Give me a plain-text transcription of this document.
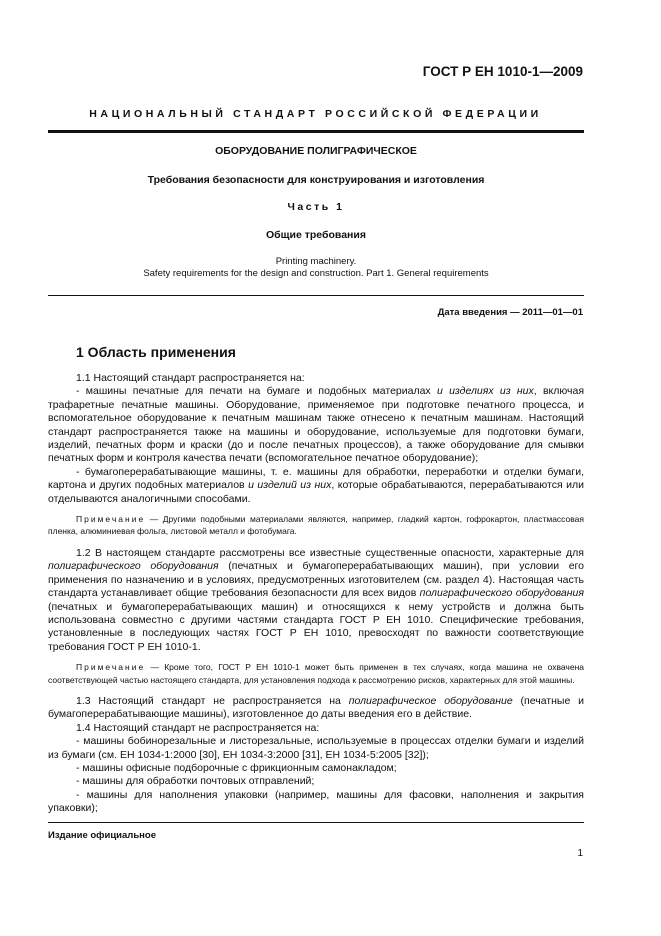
ГОСТ Р ЕН 1010-1—2009
НАЦИОНАЛЬНЫЙ СТАНДАРТ РОССИЙСКОЙ ФЕДЕРАЦИИ
ОБОРУДОВАНИЕ ПОЛИГРАФИЧЕСКОЕ
Требования безопасности для конструирования и изготовления
Часть 1
Общие требования
Printing machinery.
Safety requirements for the design and construction. Part 1. General requirements
Дата введения — 2011—01—01
1 Область применения

1.1 Настоящий стандарт распространяется на:

- машины печатные для печати на бумаге и подобных материалах и изделиях из них, включая трафаретные печатные машины. Оборудование, применяемое при подготовке печатного процесса, и вспомогательное оборудование к печатным машинам также отнесено к печатным машинам. Настоящий стандарт распространяется также на машины и оборудование, используемые для подготовки бумаги, изделий, печатных форм и краски (до и после печатных процессов), а также оборудование для смывки печатных форм и контроля качества печати (вспомогательное печатное оборудование);

- бумагоперерабатывающие машины, т. е. машины для обработки, переработки и отделки бумаги, картона и других подобных материалов и изделий из них, которые обрабатываются, перерабатываются или отделываются аналогичными способами.

Примечание — Другими подобными материалами являются, например, гладкий картон, гофрокартон, пластмассовая пленка, алюминиевая фольга, листовой металл и фотобумага.

1.2 В настоящем стандарте рассмотрены все известные существенные опасности, характерные для полиграфического оборудования (печатных и бумагоперерабатывающих машин), при условии его применения по назначению и в условиях, предусмотренных изготовителем (см. раздел 4). Настоящая часть стандарта устанавливает общие требования безопасности для всех видов полиграфического оборудования (печатных и бумагоперерабатывающих машин) и относящихся к нему устройств и должна быть использована совместно с другими частями стандарта ГОСТ Р ЕН 1010. Специфические требования, установленные в последующих частях ГОСТ Р ЕН 1010, превосходят по важности соответствующие требования ГОСТ Р ЕН 1010-1.

Примечание — Кроме того, ГОСТ Р ЕН 1010-1 может быть применен в тех случаях, когда машина не охвачена соответствующей частью настоящего стандарта, для установления подхода к рассмотрению рисков, характерных для этой машины.

1.3 Настоящий стандарт не распространяется на полиграфическое оборудование (печатные и бумагоперерабатывающие машины), изготовленное до даты введения его в действие.

1.4 Настоящий стандарт не распространяется на:

- машины бобинорезальные и листорезальные, используемые в процессах отделки бумаги и изделий из бумаги (см. ЕН 1034-1:2000 [30], ЕН 1034-3:2000 [31], ЕН 1034-5:2005 [32]);

- машины офисные подборочные с фрикционным самонакладом;

- машины для обработки почтовых отправлений;

- машины для наполнения упаковки (например, машины для фасовки, наполнения и закрытия упаковки);

Издание официальное
1
